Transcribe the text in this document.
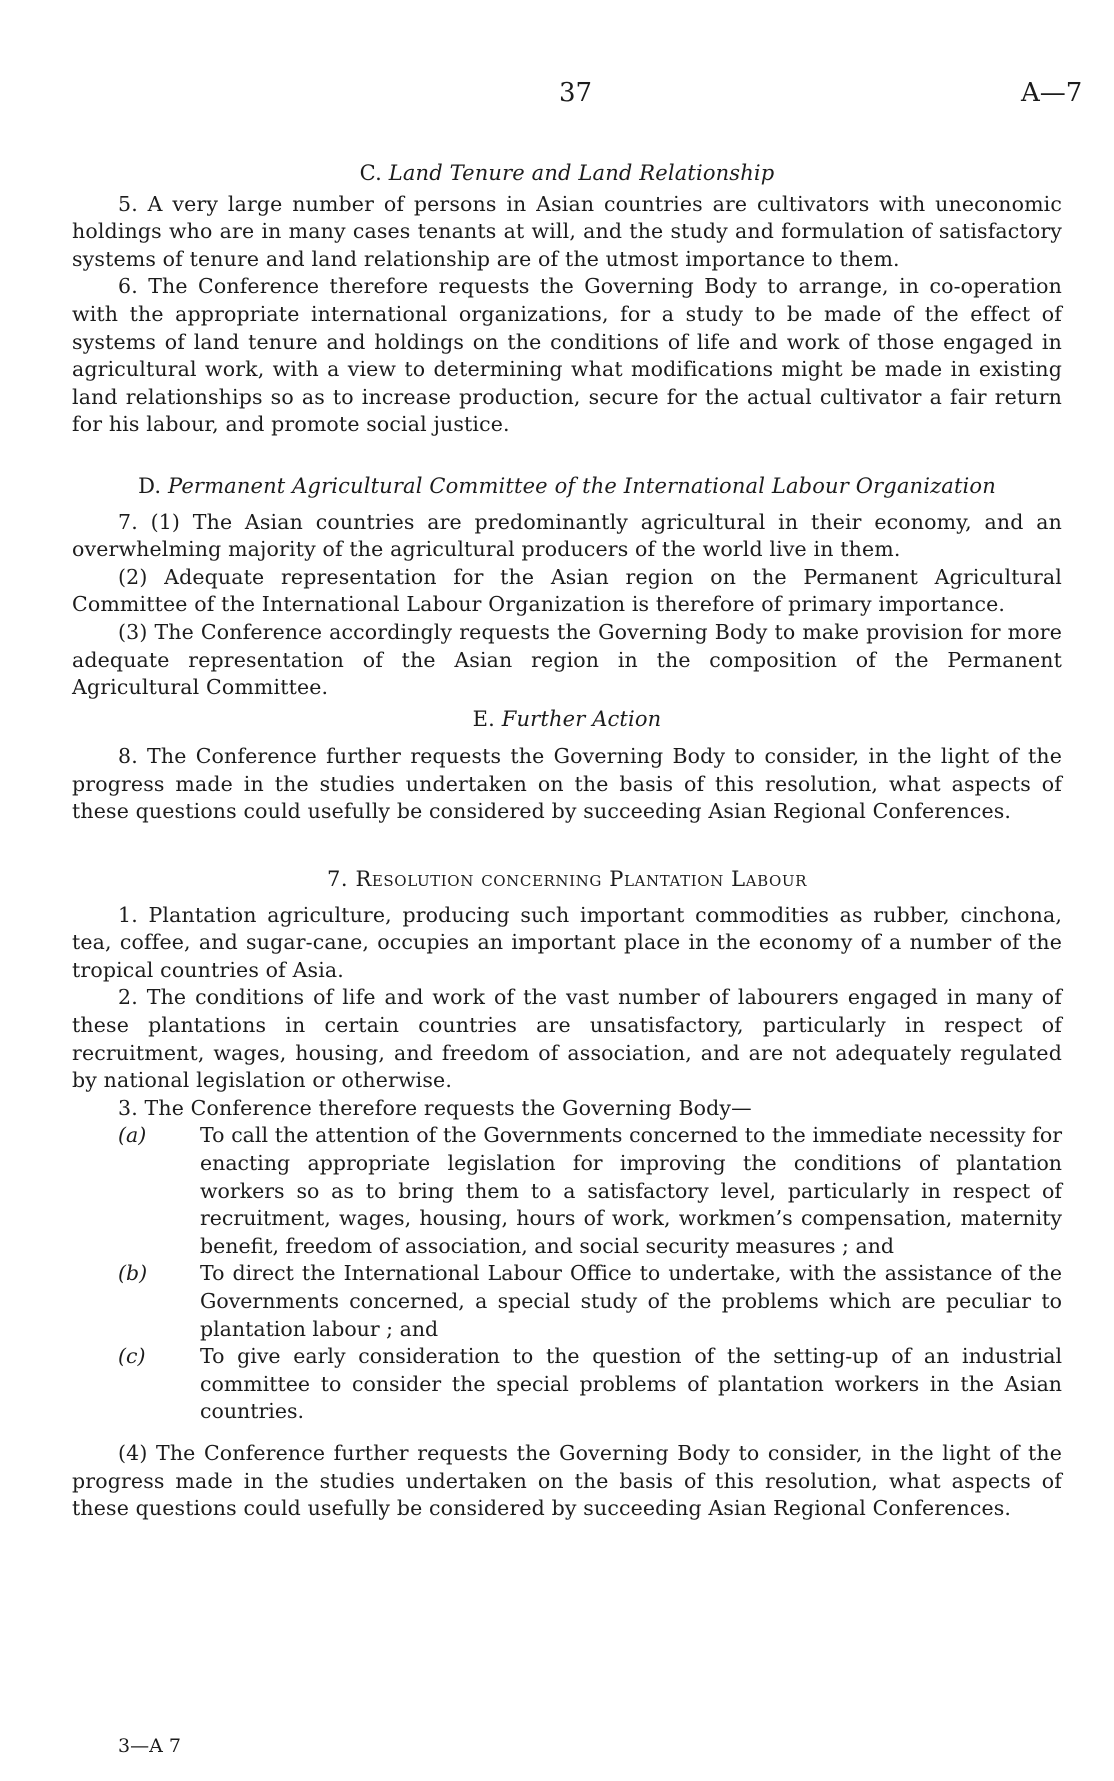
37	A—7

C. Land Tenure and Land Relationship

5. A very large number of persons in Asian countries are cultivators with uneconomic holdings who are in many cases tenants at will, and the study and formulation of satisfactory systems of tenure and land relationship are of the utmost importance to them.

6. The Conference therefore requests the Governing Body to arrange, in co-operation with the appropriate international organizations, for a study to be made of the effect of systems of land tenure and holdings on the conditions of life and work of those engaged in agricultural work, with a view to determining what modifications might be made in existing land relationships so as to increase production, secure for the actual cultivator a fair return for his labour, and promote social justice.

D. Permanent Agricultural Committee of the International Labour Organization

7. (1) The Asian countries are predominantly agricultural in their economy, and an overwhelming majority of the agricultural producers of the world live in them.

(2) Adequate representation for the Asian region on the Permanent Agricultural Committee of the International Labour Organization is therefore of primary importance.

(3) The Conference accordingly requests the Governing Body to make provision for more adequate representation of the Asian region in the composition of the Permanent Agricultural Committee.

E. Further Action

8. The Conference further requests the Governing Body to consider, in the light of the progress made in the studies undertaken on the basis of this resolution, what aspects of these questions could usefully be considered by succeeding Asian Regional Conferences.

7. Resolution concerning Plantation Labour

1. Plantation agriculture, producing such important commodities as rubber, cinchona, tea, coffee, and sugar-cane, occupies an important place in the economy of a number of the tropical countries of Asia.

2. The conditions of life and work of the vast number of labourers engaged in many of these plantations in certain countries are unsatisfactory, particularly in respect of recruitment, wages, housing, and freedom of association, and are not adequately regulated by national legislation or otherwise.

3. The Conference therefore requests the Governing Body—

(a)	To call the attention of the Governments concerned to the immediate necessity for enacting appropriate legislation for improving the conditions of plantation workers so as to bring them to a satisfactory level, particularly in respect of recruitment, wages, housing, hours of work, workmen’s compensation, maternity benefit, freedom of association, and social security measures ; and
(b)	To direct the International Labour Office to undertake, with the assistance of the Governments concerned, a special study of the problems which are peculiar to plantation labour ; and
(c)	To give early consideration to the question of the setting-up of an industrial committee to consider the special problems of plantation workers in the Asian countries.

(4) The Conference further requests the Governing Body to consider, in the light of the progress made in the studies undertaken on the basis of this resolution, what aspects of these questions could usefully be considered by succeeding Asian Regional Conferences.

3—A 7
